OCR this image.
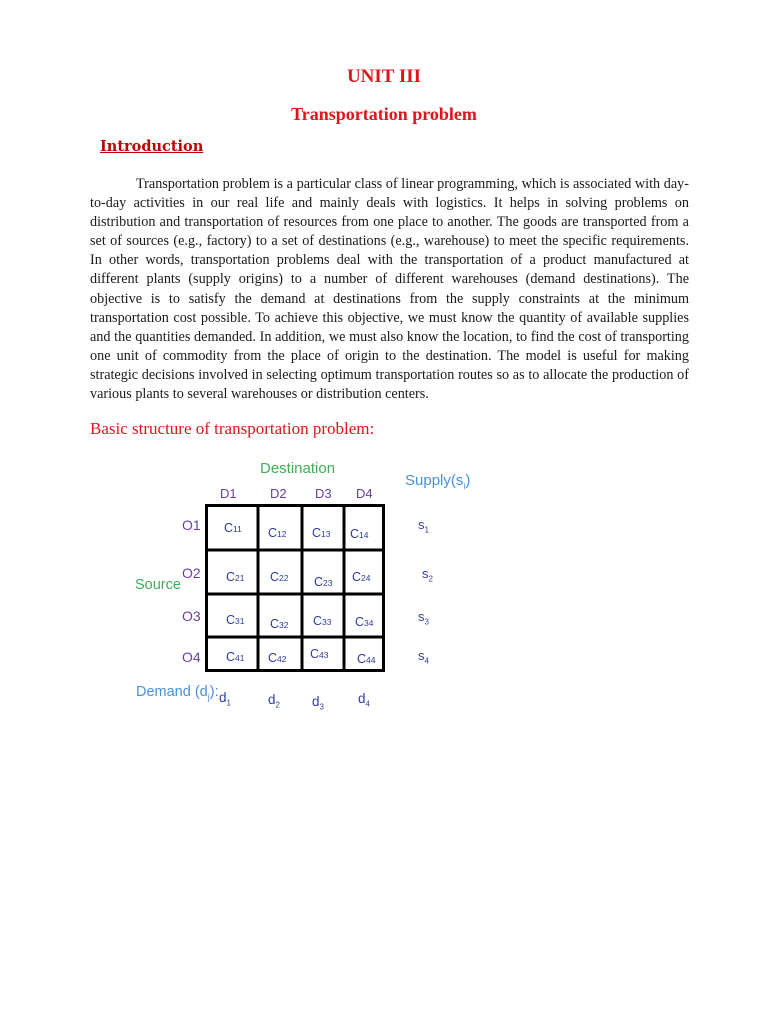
UNIT III
Transportation problem
Introduction
Transportation problem is a particular class of linear programming, which is associated with day-to-day activities in our real life and mainly deals with logistics. It helps in solving problems on distribution and transportation of resources from one place to another. The goods are transported from a set of sources (e.g., factory) to a set of destinations (e.g., warehouse) to meet the specific requirements. In other words, transportation problems deal with the transportation of a product manufactured at different plants (supply origins) to a number of different warehouses (demand destinations). The objective is to satisfy the demand at destinations from the supply constraints at the minimum transportation cost possible. To achieve this objective, we must know the quantity of available supplies and the quantities demanded. In addition, we must also know the location, to find the cost of transporting one unit of commodity from the place of origin to the destination. The model is useful for making strategic decisions involved in selecting optimum transportation routes so as to allocate the production of various plants to several warehouses or distribution centers.
Basic structure of transportation problem:
Destination
$Supply(s_i)$
D1	D2 D3 D4
O1
O2
O3
O4
Source
C11 C12 C13 C14
C21 C22 C23 C24
C31 C32 C33 C34
C41 C42 C43 C44
$s_1$
$s_2$
$s_3$
$s_4$
Demand $(d_j)$: $d_1$	$d_2$ $d_3$
$d_4$
